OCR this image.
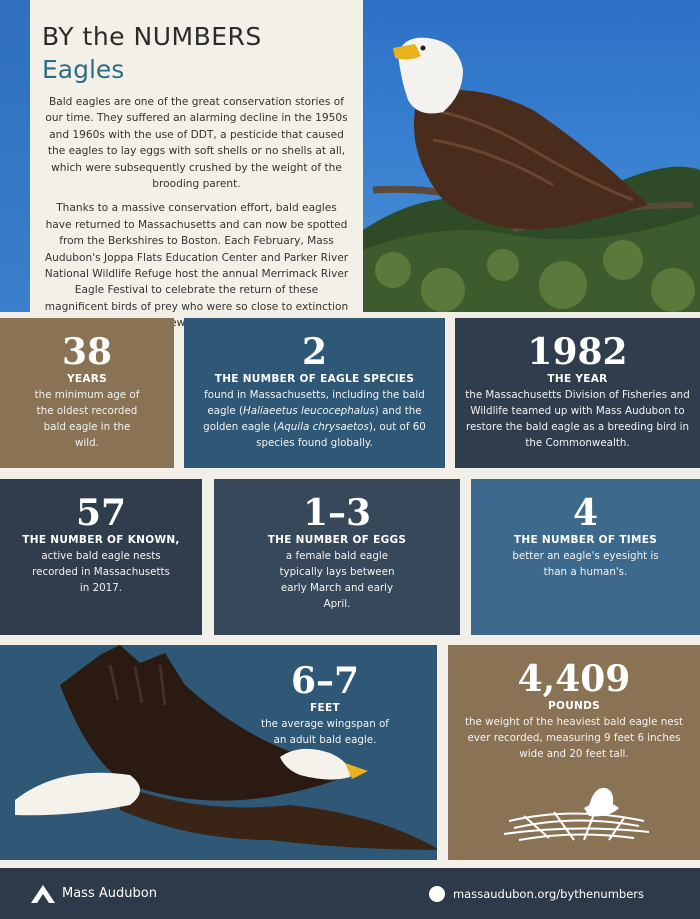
BY the NUMBERS
Eagles

Bald eagles are one of the great conservation stories of our time. They suffered an alarming decline in the 1950s and 1960s with the use of DDT, a pesticide that caused the eagles to lay eggs with soft shells or no shells at all, which were subsequently crushed by the weight of the brooding parent.

Thanks to a massive conservation effort, bald eagles have returned to Massachusetts and can now be spotted from the Berkshires to Boston. Each February, Mass Audubon's Joppa Flats Education Center and Parker River National Wildlife Refuge host the annual Merrimack River Eagle Festival to celebrate the return of these magnificent birds of prey who were so close to extinction few

38
YEARS
the minimum age of the oldest recorded bald eagle in the wild.
2
THE NUMBER OF EAGLE SPECIES
found in Massachusetts, including the bald eagle (Haliaeetus leucocephalus) and the golden eagle (Aquila chrysaetos), out of 60 species found globally.
1982
THE YEAR
the Massachusetts Division of Fisheries and Wildlife teamed up with Mass Audubon to restore the bald eagle as a breeding bird in the Commonwealth.
57
THE NUMBER OF KNOWN,
active bald eagle nests recorded in Massachusetts in 2017.
1–3
THE NUMBER OF EGGS
a female bald eagle typically lays between early March and early April.
4
THE NUMBER OF TIMES
better an eagle's eyesight is than a human's.
6–7
FEET
the average wingspan of an adult bald eagle.
4,409
POUNDS
the weight of the heaviest bald eagle nest ever recorded, measuring 9 feet 6 inches wide and 20 feet tall.
Mass Audubon	massaudubon.org/bythenumbers
